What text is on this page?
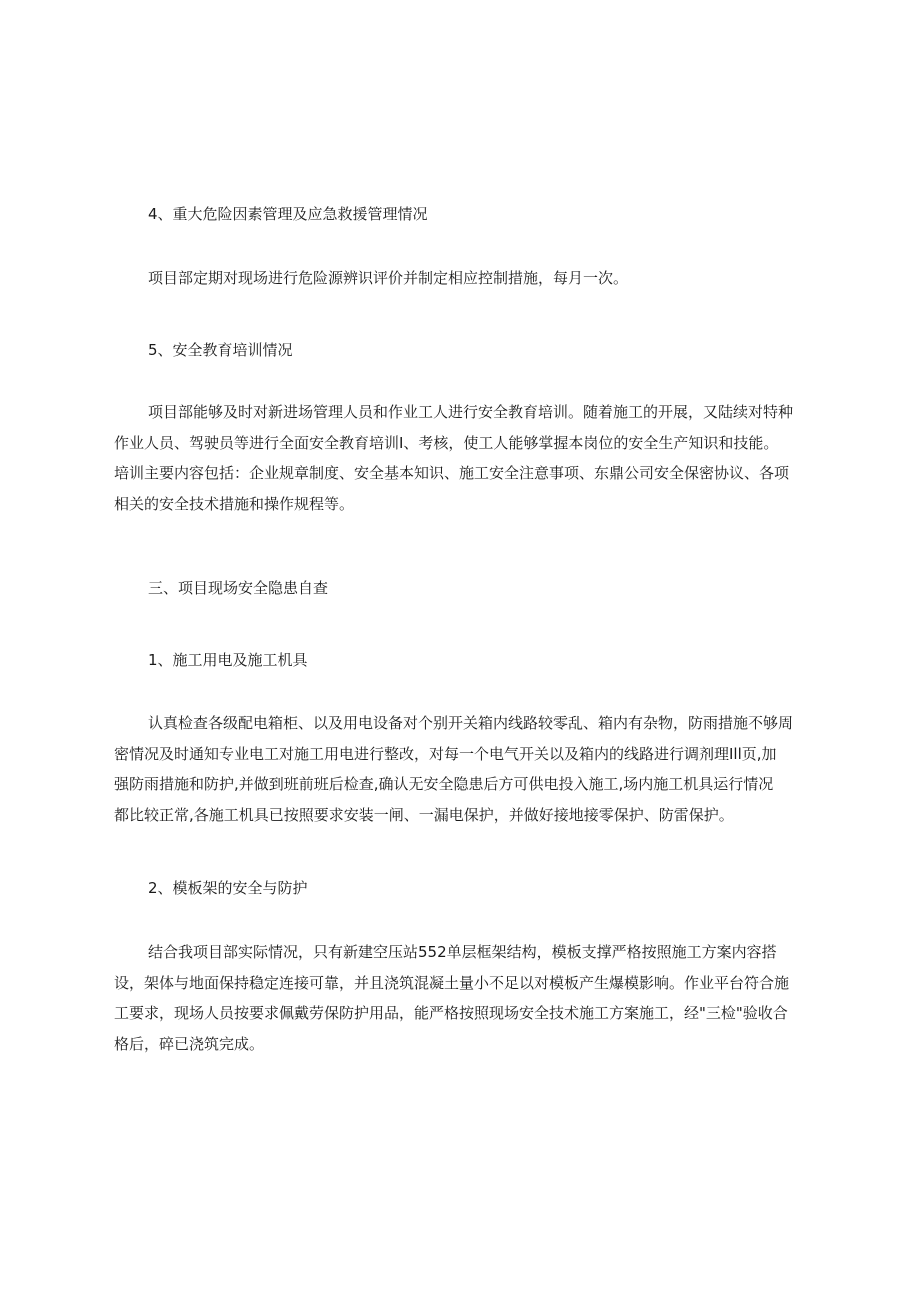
4、重大危险因素管理及应急救援管理情况
项目部定期对现场进行危险源辨识评价并制定相应控制措施，每月一次。
5、安全教育培训情况
项目部能够及时对新进场管理人员和作业工人进行安全教育培训。随着施工的开展，又陆续对特种
作业人员、驾驶员等进行全面安全教育培训I、考核，使工人能够掌握本岗位的安全生产知识和技能。
培训主要内容包括：企业规章制度、安全基本知识、施工安全注意事项、东鼎公司安全保密协议、各项
相关的安全技术措施和操作规程等。
三、项目现场安全隐患自查
1、施工用电及施工机具
认真检查各级配电箱柜、以及用电设备对个别开关箱内线路较零乱、箱内有杂物，防雨措施不够周
密情况及时通知专业电工对施工用电进行整改，对每一个电气开关以及箱内的线路进行调剂理Ill页,加
强防雨措施和防护,并做到班前班后检查,确认无安全隐患后方可供电投入施工,场内施工机具运行情况
都比较正常,各施工机具已按照要求安装一闸、一漏电保护，并做好接地接零保护、防雷保护。
2、模板架的安全与防护
结合我项目部实际情况，只有新建空压站552单层框架结构，模板支撑严格按照施工方案内容搭
设，架体与地面保持稳定连接可靠，并且浇筑混凝土量小不足以对模板产生爆模影响。作业平台符合施
工要求，现场人员按要求佩戴劳保防护用品，能严格按照现场安全技术施工方案施工，经"三检"验收合
格后，碎已浇筑完成。
